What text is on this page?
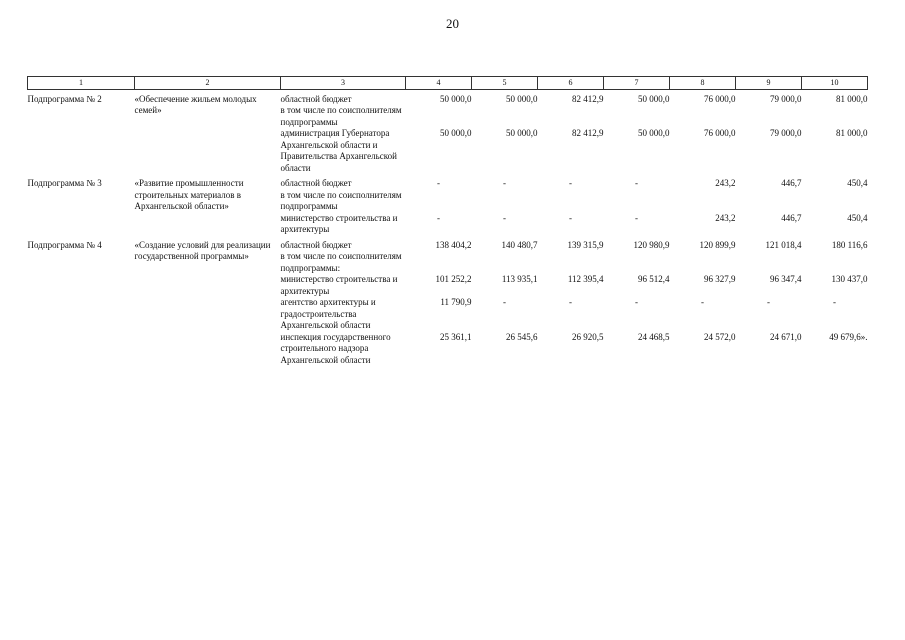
20
1	2	3	4	5	6	7	8	9	10
Подпрограмма № 2	«Обеспечение жильем молодых семей»	областной бюджет	50 000,0	50 000,0	82 412,9	50 000,0	76 000,0	79 000,0	81 000,0
		в том числе по соисполнителям подпрограммы							
		администрация Губернатора Архангельской области и Правительства Архангельской области	50 000,0	50 000,0	82 412,9	50 000,0	76 000,0	79 000,0	81 000,0
Подпрограмма № 3	«Развитие промышленности строительных материалов в Архангельской области»	областной бюджет	-	-	-	-	243,2	446,7	450,4
		в том числе по соисполнителям подпрограммы							
		министерство строительства и архитектуры	-	-	-	-	243,2	446,7	450,4
Подпрограмма № 4	«Создание условий для реализации государственной программы»	областной бюджет	138 404,2	140 480,7	139 315,9	120 980,9	120 899,9	121 018,4	180 116,6
		в том числе по соисполнителям подпрограммы:							
		министерство строительства и архитектуры	101 252,2	113 935,1	112 395,4	96 512,4	96 327,9	96 347,4	130 437,0
		агентство архитектуры и градостроительства Архангельской области	11 790,9	-	-	-	-	-	-
		инспекция государственного строительного надзора Архангельской области	25 361,1	26 545,6	26 920,5	24 468,5	24 572,0	24 671,0	49 679,6».
